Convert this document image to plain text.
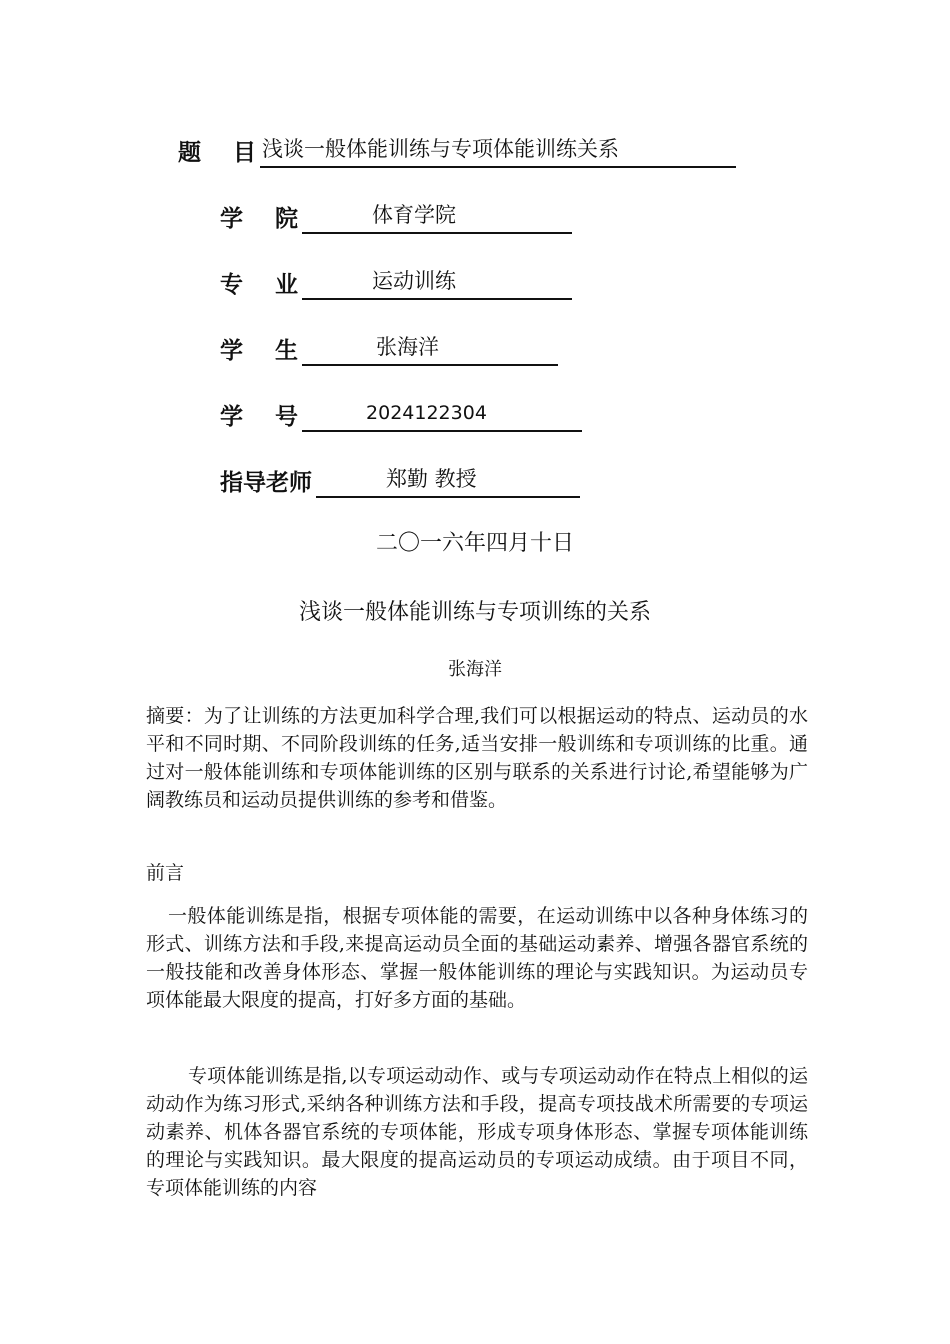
题    目 浅谈一般体能训练与专项体能训练关系
学    院	体育学院
专    业	运动训练
学    生	张海洋
学    号	2024122304
指导老师	郑勤 教授
二〇一六年四月十日
浅谈一般体能训练与专项训练的关系
张海洋
摘要：为了让训练的方法更加科学合理,我们可以根据运动的特点、运动员的水平和不同时期、不同阶段训练的任务,适当安排一般训练和专项训练的比重。通过对一般体能训练和专项体能训练的区别与联系的关系进行讨论,希望能够为广阔教练员和运动员提供训练的参考和借鉴。
前言
一般体能训练是指，根据专项体能的需要，在运动训练中以各种身体练习的形式、训练方法和手段,来提高运动员全面的基础运动素养、增强各器官系统的一般技能和改善身体形态、掌握一般体能训练的理论与实践知识。为运动员专项体能最大限度的提高，打好多方面的基础。
专项体能训练是指,以专项运动动作、或与专项运动动作在特点上相似的运动动作为练习形式,采纳各种训练方法和手段，提高专项技战术所需要的专项运动素养、机体各器官系统的专项体能，形成专项身体形态、掌握专项体能训练的理论与实践知识。最大限度的提高运动员的专项运动成绩。由于项目不同，专项体能训练的内容
